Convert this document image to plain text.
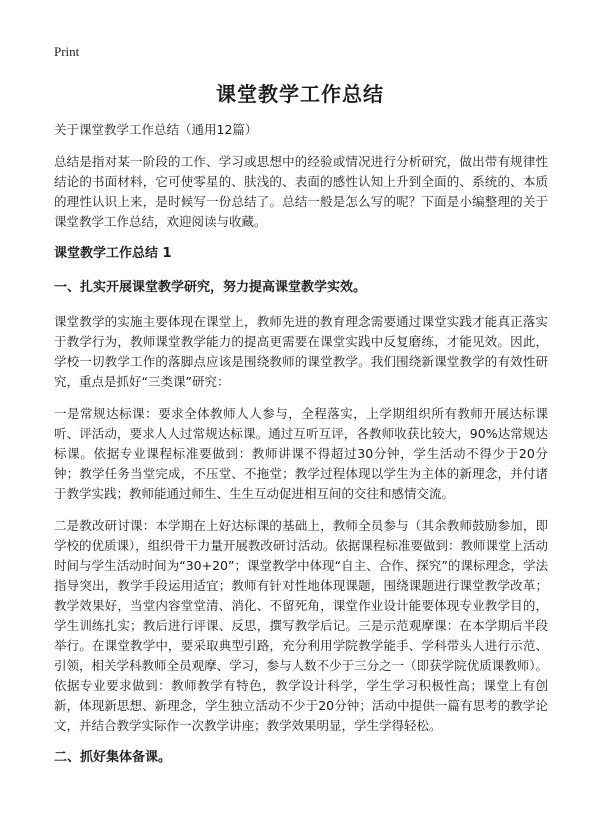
Print
课堂教学工作总结

关于课堂教学工作总结（通用12篇）

总结是指对某一阶段的工作、学习或思想中的经验或情况进行分析研究，做出带有规律性结论的书面材料，它可使零星的、肤浅的、表面的感性认知上升到全面的、系统的、本质的理性认识上来，是时候写一份总结了。总结一般是怎么写的呢？下面是小编整理的关于课堂教学工作总结，欢迎阅读与收藏。

课堂教学工作总结 1
一、扎实开展课堂教学研究，努力提高课堂教学实效。

课堂教学的实施主要体现在课堂上，教师先进的教育理念需要通过课堂实践才能真正落实于教学行为，教师课堂教学能力的提高更需要在课堂实践中反复磨练，才能见效。因此，学校一切教学工作的落脚点应该是围绕教师的课堂教学。我们围绕新课堂教学的有效性研究，重点是抓好“三类课”研究：

一是常规达标课：要求全体教师人人参与，全程落实，上学期组织所有教师开展达标课听、评活动，要求人人过常规达标课。通过互听互评，各教师收获比较大，90%达常规达标课。依据专业课程标准要做到：教师讲课不得超过30分钟，学生活动不得少于20分钟；教学任务当堂完成，不压堂、不拖堂；教学过程体现以学生为主体的新理念，并付诸于教学实践；教师能通过师生、生生互动促进相互间的交往和感情交流。

二是教改研讨课：本学期在上好达标课的基础上，教师全员参与（其余教师鼓励参加，即学校的优质课），组织骨干力量开展教改研讨活动。依据课程标准要做到：教师课堂上活动时间与学生活动时间为“30+20”；课堂教学中体现“自主、合作、探究”的课标理念，学法指导突出，教学手段运用适宜；教师有针对性地体现课题，围绕课题进行课堂教学改革；教学效果好，当堂内容堂堂清、消化、不留死角，课堂作业设计能要体现专业教学目的，学生训练扎实；教后进行评课、反思，撰写教学后记。三是示范观摩课：在本学期后半段举行。在课堂教学中，要采取典型引路，充分利用学院教学能手、学科带头人进行示范、引领，相关学科教师全员观摩、学习，参与人数不少于三分之一（即获学院优质课教师）。依据专业要求做到：教师教学有特色，教学设计科学，学生学习积极性高；课堂上有创新，体现新思想、新理念，学生独立活动不少于20分钟；活动中提供一篇有思考的教学论文，并结合教学实际作一次教学讲座；教学效果明显，学生学得轻松。

二、抓好集体备课。
